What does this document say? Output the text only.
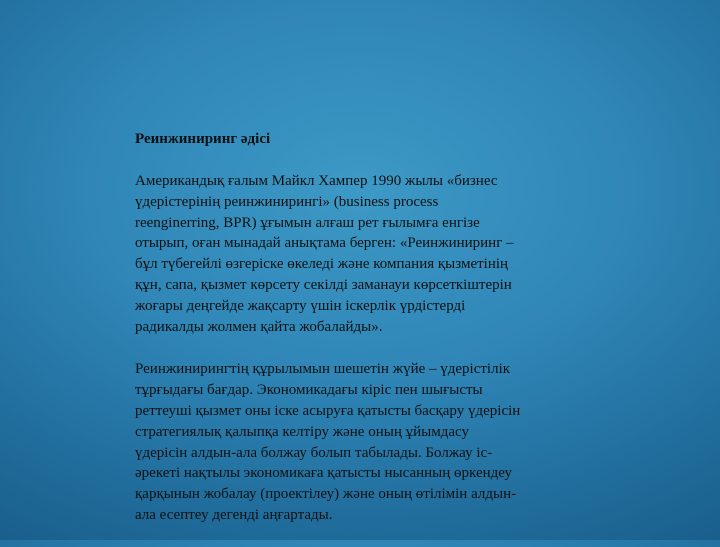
Реинжиниринг әдісі

Американдық ғалым Майкл Хампер 1990 жылы «бизнес
үдерістерінің реинжинирингі» (business process
reenginerring, BPR) ұғымын алғаш рет ғылымға енгізе
отырып, оған мынадай анықтама берген: «Реинжиниринг –
бұл түбегейлі өзгеріске өкеледі және компания қызметінің
құн, сапа, қызмет көрсету секілді заманауи көрсеткіштерін
жоғары деңгейде жақсарту үшін іскерлік үрдістерді
радикалды жолмен қайта жобалайды».

Реинжинирингтің құрылымын шешетін жүйе – үдерістілік
тұрғыдағы бағдар. Экономикадағы кіріс пен шығысты
реттеуші қызмет оны іске асыруға қатысты басқару үдерісін
стратегиялық қалыпқа келтіру және оның ұйымдасу
үдерісін алдын-ала болжау болып табылады. Болжау іс-
әрекеті нақтылы экономикаға қатысты нысанның өркендеу
қарқынын жобалау (проектілеу) және оның өтілімін алдын-
ала есептеу дегенді аңғартады.
